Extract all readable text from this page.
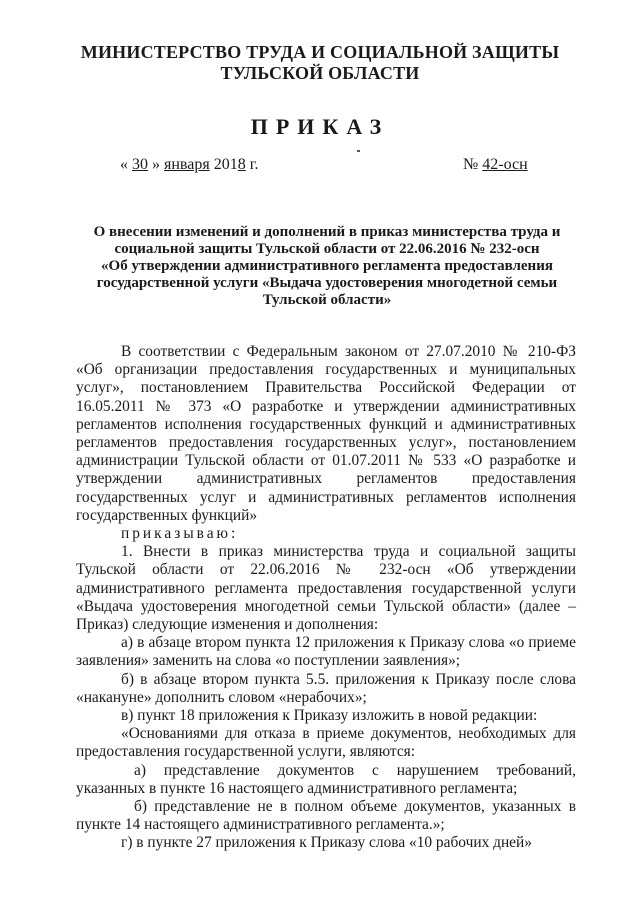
МИНИСТЕРСТВО ТРУДА И СОЦИАЛЬНОЙ ЗАЩИТЫ
ТУЛЬСКОЙ ОБЛАСТИ
ПРИКАЗ
« 30 » января 2018 г.	№ 42-осн
О внесении изменений и дополнений в приказ министерства труда и
социальной защиты Тульской области от 22.06.2016 № 232-осн
«Об утверждении административного регламента предоставления
государственной услуги «Выдача удостоверения многодетной семьи
Тульской области»

В соответствии с Федеральным законом от 27.07.2010 № 210-ФЗ «Об организации предоставления государственных и муниципальных услуг», постановлением Правительства Российской Федерации от 16.05.2011 № 373 «О разработке и утверждении административных регламентов исполнения государственных функций и административных регламентов предоставления государственных услуг», постановлением администрации Тульской области от 01.07.2011 № 533 «О разработке и утверждении административных регламентов предоставления государственных услуг и административных регламентов исполнения государственных функций»

приказываю:

1. Внести в приказ министерства труда и социальной защиты Тульской области от 22.06.2016 № 232-осн «Об утверждении административного регламента предоставления государственной услуги «Выдача удостоверения многодетной семьи Тульской области» (далее – Приказ) следующие изменения и дополнения:

а) в абзаце втором пункта 12 приложения к Приказу слова «о приеме заявления» заменить на слова «о поступлении заявления»;

б) в абзаце втором пункта 5.5. приложения к Приказу после слова «накануне» дополнить словом «нерабочих»;

в) пункт 18 приложения к Приказу изложить в новой редакции:

«Основаниями для отказа в приеме документов, необходимых для предоставления государственной услуги, являются:

а) представление документов с нарушением требований, указанных в пункте 16 настоящего административного регламента;

б) представление не в полном объеме документов, указанных в пункте 14 настоящего административного регламента.»;

г) в пункте 27 приложения к Приказу слова «10 рабочих дней»
